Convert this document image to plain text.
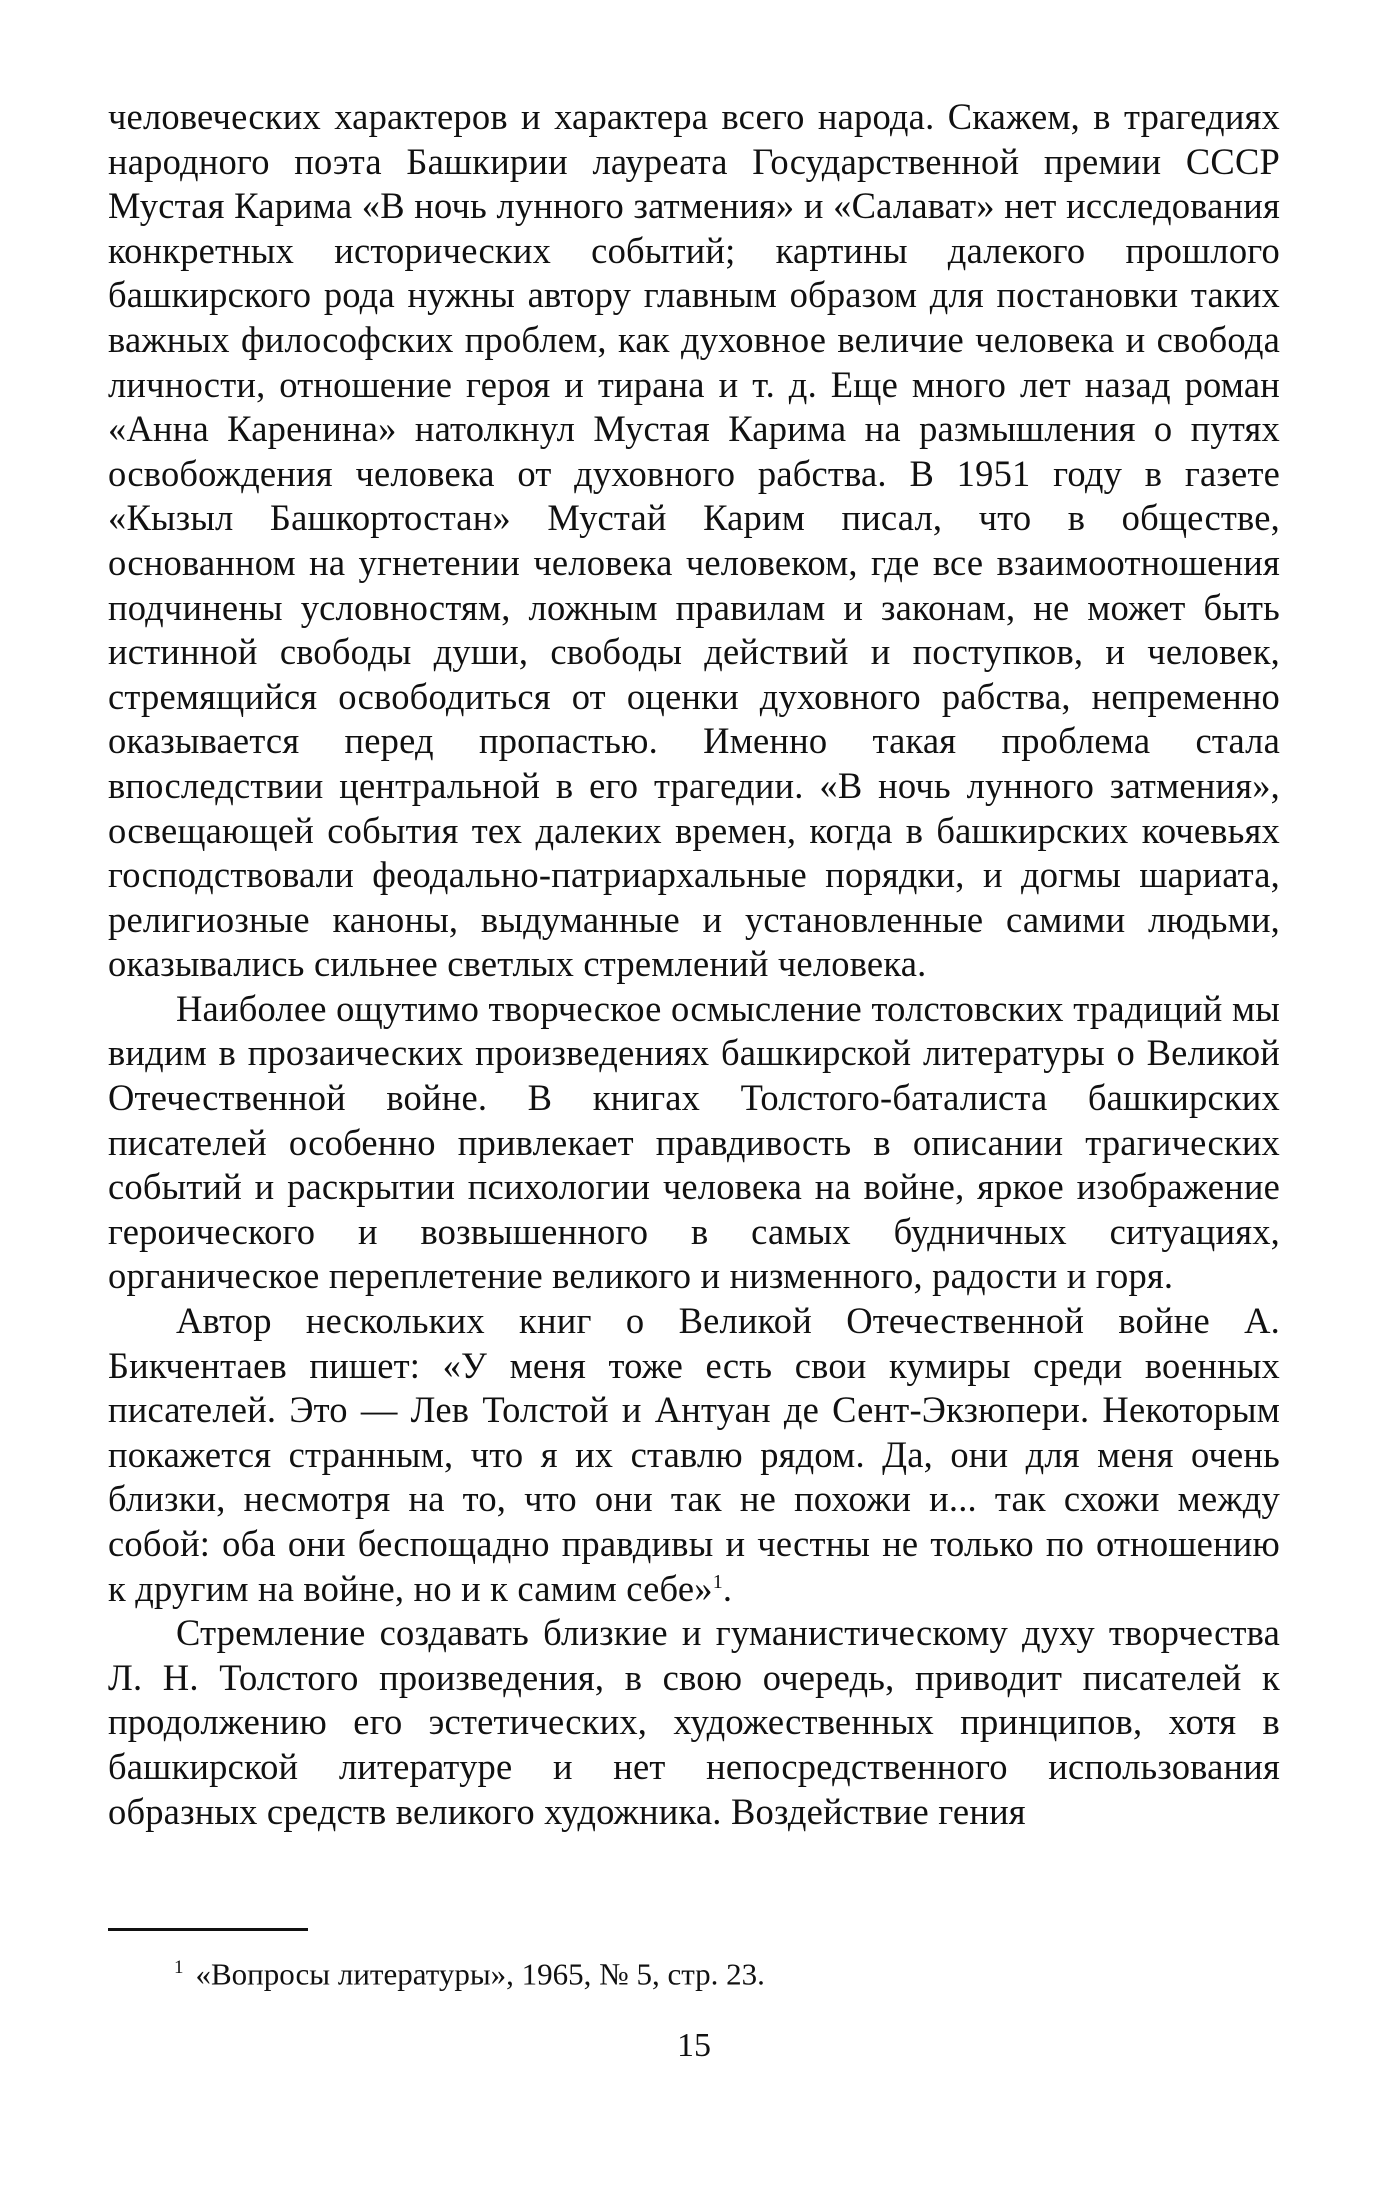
человеческих характеров и характера всего народа. Скажем, в трагедиях народного поэта Башкирии лауреата Государственной премии СССР Мустая Карима «В ночь лунного затмения» и «Салават» нет исследования конкретных исторических событий; картины далекого прошлого башкирского рода нужны автору главным образом для постановки таких важных философских проблем, как духовное величие человека и свобода личности, отношение героя и тирана и т. д. Еще много лет назад роман «Анна Каренина» натолкнул Мустая Карима на размышления о путях освобождения человека от духовного рабства. В 1951 году в газете «Кызыл Башкортостан» Мустай Карим писал, что в обществе, основанном на угнетении человека человеком, где все взаимоотношения подчинены условностям, ложным правилам и законам, не может быть истинной свободы души, свободы действий и поступков, и человек, стремящийся освободиться от оценки духовного рабства, непременно оказывается перед пропастью. Именно такая проблема стала впоследствии центральной в его трагедии. «В ночь лунного затмения», освещающей события тех далеких времен, когда в башкирских кочевьях господствовали феодально-патриархальные порядки, и догмы шариата, религиозные каноны, выдуманные и установленные самими людьми, оказывались сильнее светлых стремлений человека.

Наиболее ощутимо творческое осмысление толстовских традиций мы видим в прозаических произведениях башкирской литературы о Великой Отечественной войне. В книгах Толстого-баталиста башкирских писателей особенно привлекает правдивость в описании трагических событий и раскрытии психологии человека на войне, яркое изображение героического и возвышенного в самых будничных ситуациях, органическое переплетение великого и низменного, радости и горя.

Автор нескольких книг о Великой Отечественной войне А. Бикчентаев пишет: «У меня тоже есть свои кумиры среди военных писателей. Это — Лев Толстой и Антуан де Сент-Экзюпери. Некоторым покажется странным, что я их ставлю рядом. Да, они для меня очень близки, несмотря на то, что они так не похожи и... так схожи между собой: оба они беспощадно правдивы и честны не только по отношению к другим на войне, но и к самим себе»$^1$.

Стремление создавать близкие и гуманистическому духу творчества Л. Н. Толстого произведения, в свою очередь, приводит писателей к продолжению его эстетических, художественных принципов, хотя в башкирской литературе и нет непосредственного использования образных средств великого художника. Воздействие гения

$^1$ «Вопросы литературы», 1965, № 5, стр. 23.

15
